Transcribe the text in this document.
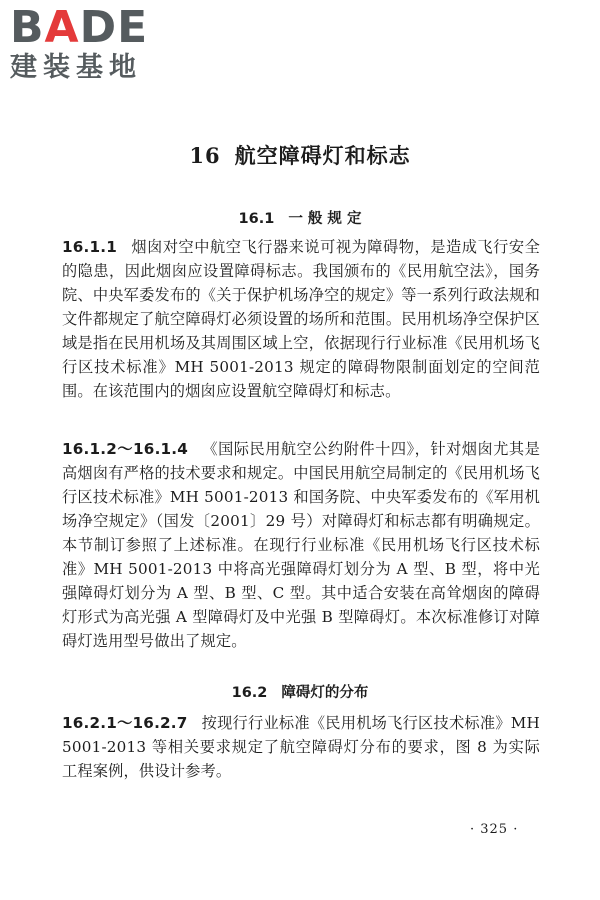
BADE
建装基地
16 航空障碍灯和标志
16.1 一 般 规 定

16.1.1 烟囱对空中航空飞行器来说可视为障碍物，是造成飞行安全的隐患，因此烟囱应设置障碍标志。我国颁布的《民用航空法》，国务院、中央军委发布的《关于保护机场净空的规定》等一系列行政法规和文件都规定了航空障碍灯必须设置的场所和范围。民用机场净空保护区域是指在民用机场及其周围区域上空，依据现行行业标准《民用机场飞行区技术标准》MH 5001-2013 规定的障碍物限制面划定的空间范围。在该范围内的烟囱应设置航空障碍灯和标志。

16.1.2～16.1.4 《国际民用航空公约附件十四》，针对烟囱尤其是高烟囱有严格的技术要求和规定。中国民用航空局制定的《民用机场飞行区技术标准》MH 5001-2013 和国务院、中央军委发布的《军用机场净空规定》（国发〔2001〕29 号）对障碍灯和标志都有明确规定。本节制订参照了上述标准。在现行行业标准《民用机场飞行区技术标准》MH 5001-2013 中将高光强障碍灯划分为 A 型、B 型，将中光强障碍灯划分为 A 型、B 型、C 型。其中适合安装在高耸烟囱的障碍灯形式为高光强 A 型障碍灯及中光强 B 型障碍灯。本次标准修订对障碍灯选用型号做出了规定。

16.2 障碍灯的分布

16.2.1～16.2.7 按现行行业标准《民用机场飞行区技术标准》MH 5001-2013 等相关要求规定了航空障碍灯分布的要求，图 8 为实际工程案例，供设计参考。

· 325 ·
